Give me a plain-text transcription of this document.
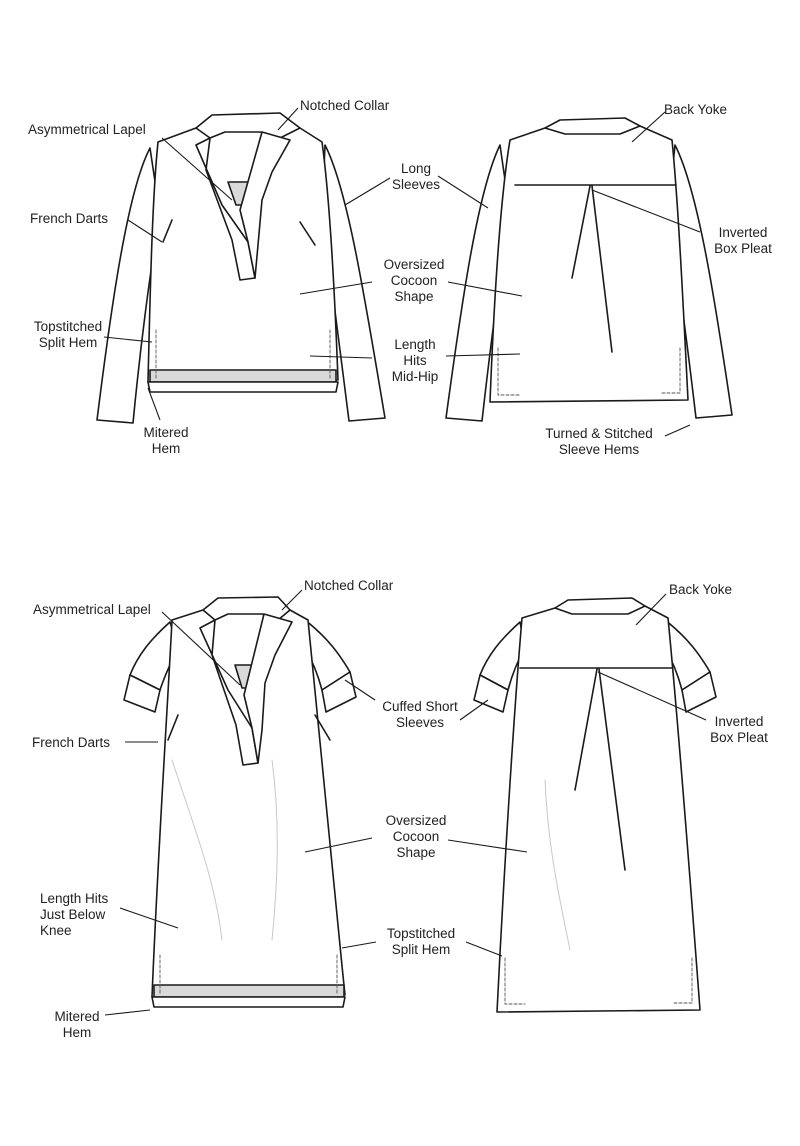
Notched Collar
Asymmetrical Lapel
Long
Sleeves
French Darts
Oversized
Cocoon
Shape
Topstitched
Split Hem	Length
Hits
Mid-Hip
Mitered
Hem
Back Yoke
Inverted
Box Pleat
Turned & Stitched
Sleeve Hems
Notched Collar
Asymmetrical Lapel
Cuffed Short
Sleeves
French Darts
Oversized
Cocoon
Shape
Length Hits
Just Below
Knee	Topstitched
Split Hem
Mitered
Hem
Back Yoke
Inverted
Box Pleat
